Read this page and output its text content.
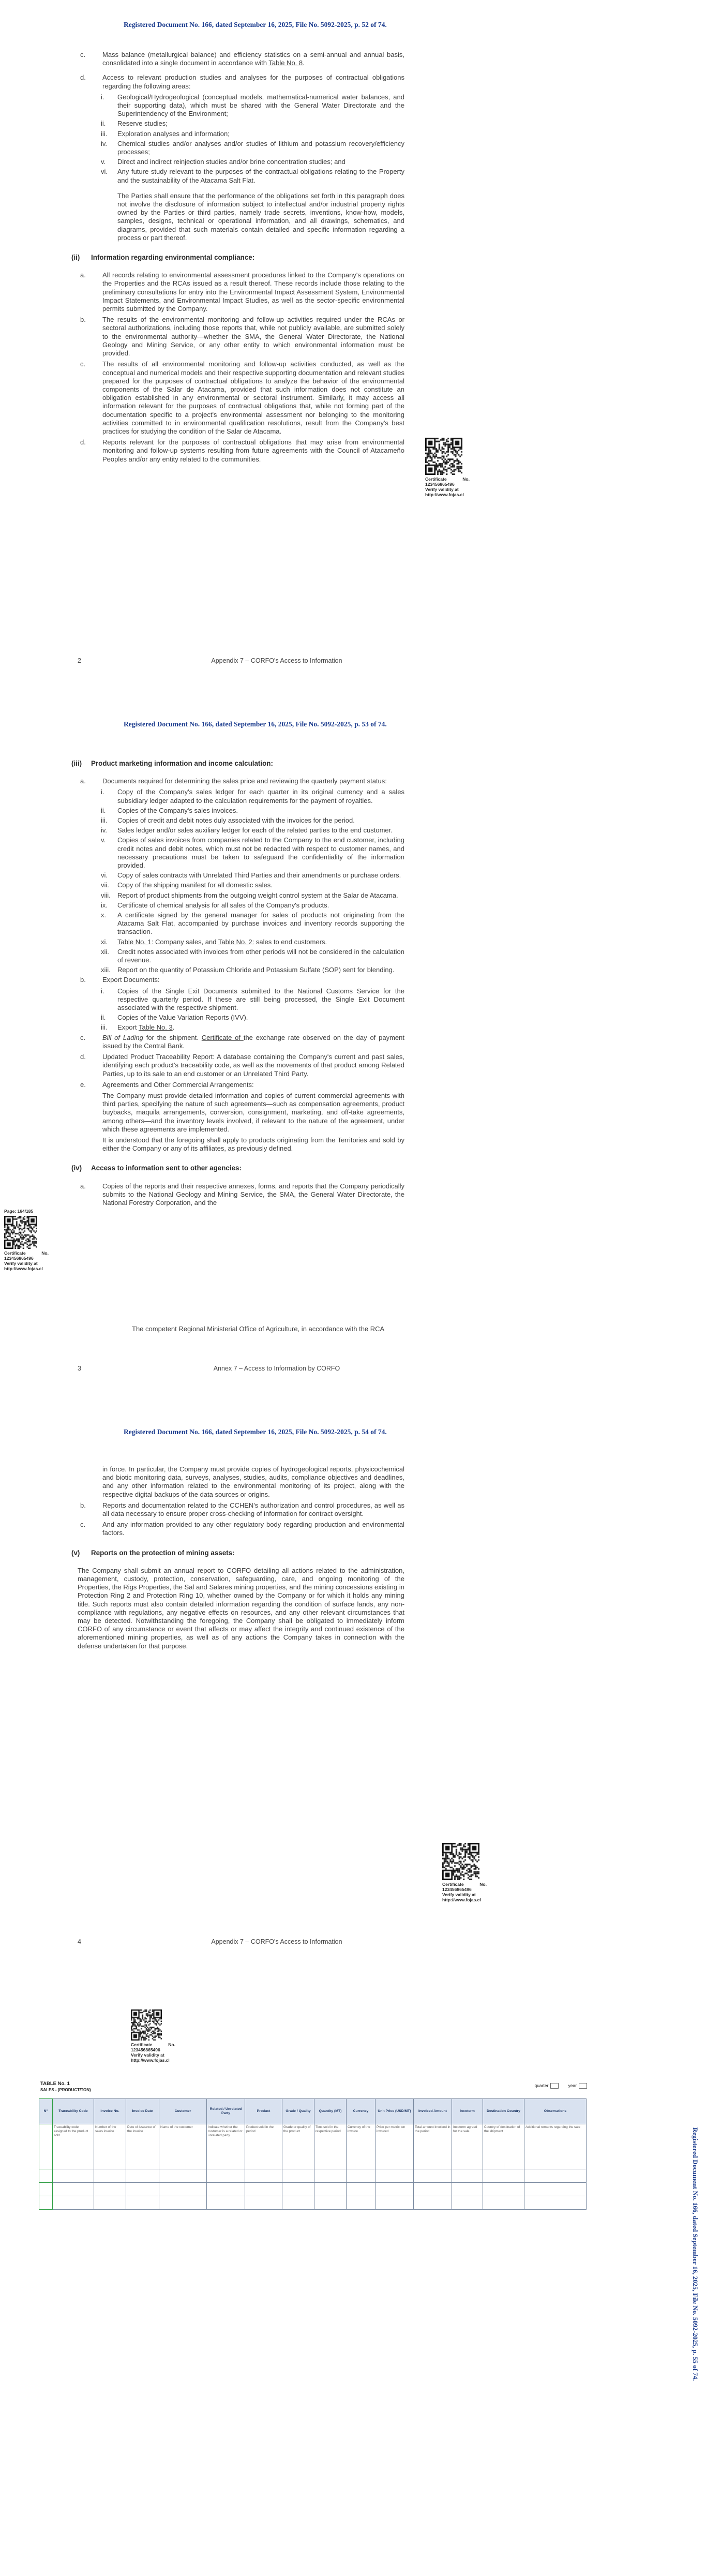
Registered Document No. 166, dated September 16, 2025, File No. 5092-2025, p. 52 of 74.
c.	Mass balance (metallurgical balance) and efficiency statistics on a semi-annual and annual basis, consolidated into a single document in accordance with Table No. 8.
d.	Access to relevant production studies and analyses for the purposes of contractual obligations regarding the following areas:
i.	Geological/Hydrogeological (conceptual models, mathematical-numerical water balances, and their supporting data), which must be shared with the General Water Directorate and the Superintendency of the Environment;
ii.	Reserve studies;
iii.	Exploration analyses and information;
iv.	Chemical studies and/or analyses and/or studies of lithium and potassium recovery/efficiency processes;
v.	Direct and indirect reinjection studies and/or brine concentration studies; and
vi.	Any future study relevant to the purposes of the contractual obligations relating to the Property and the sustainability of the Atacama Salt Flat.
The Parties shall ensure that the performance of the obligations set forth in this paragraph does not involve the disclosure of information subject to intellectual and/or industrial property rights owned by the Parties or third parties, namely trade secrets, inventions, know-how, models, samples, designs, technical or operational information, and all drawings, schematics, and diagrams, provided that such materials contain detailed and specific information regarding a process or part thereof.
(ii)	Information regarding environmental compliance:
a.	All records relating to environmental assessment procedures linked to the Company's operations on the Properties and the RCAs issued as a result thereof. These records include those relating to the preliminary consultations for entry into the Environmental Impact Assessment System, Environmental Impact Statements, and Environmental Impact Studies, as well as the sector-specific environmental permits submitted by the Company.
b.	The results of the environmental monitoring and follow-up activities required under the RCAs or sectoral authorizations, including those reports that, while not publicly available, are submitted solely to the environmental authority—whether the SMA, the General Water Directorate, the National Geology and Mining Service, or any other entity to which environmental information must be provided.
c.	The results of all environmental monitoring and follow-up activities conducted, as well as the conceptual and numerical models and their respective supporting documentation and relevant studies prepared for the purposes of contractual obligations to analyze the behavior of the environmental components of the Salar de Atacama, provided that such information does not constitute an obligation established in any environmental or sectoral instrument. Similarly, it may access all information relevant for the purposes of contractual obligations that, while not forming part of the documentation specific to a project's environmental assessment nor belonging to the monitoring activities committed to in environmental qualification resolutions, result from the Company's best practices for studying the condition of the Salar de Atacama.
d.	Reports relevant for the purposes of contractual obligations that may arise from environmental monitoring and follow-up systems resulting from future agreements with the Council of Atacameño Peoples and/or any entity related to the communities.
Certificate	No.
123456865496
Verify validity at
http://www.fojas.cl
2	Appendix 7 – CORFO's Access to Information
Registered Document No. 166, dated September 16, 2025, File No. 5092-2025, p. 53 of 74.
(iii)	Product marketing information and income calculation:
a.	Documents required for determining the sales price and reviewing the quarterly payment status:
i.	Copy of the Company's sales ledger for each quarter in its original currency and a sales subsidiary ledger adapted to the calculation requirements for the payment of royalties.
ii.	Copies of the Company's sales invoices.
iii.	Copies of credit and debit notes duly associated with the invoices for the period.
iv.	Sales ledger and/or sales auxiliary ledger for each of the related parties to the end customer.
v.	Copies of sales invoices from companies related to the Company to the end customer, including credit notes and debit notes, which must not be redacted with respect to customer names, and necessary precautions must be taken to safeguard the confidentiality of the information provided.
vi.	Copy of sales contracts with Unrelated Third Parties and their amendments or purchase orders.
vii.	Copy of the shipping manifest for all domestic sales.
viii.	Report of product shipments from the outgoing weight control system at the Salar de Atacama.
ix.	Certificate of chemical analysis for all sales of the Company's products.
x.	A certificate signed by the general manager for sales of products not originating from the Atacama Salt Flat, accompanied by purchase invoices and inventory records supporting the transaction.
xi.	Table No. 1: Company sales, and Table No. 2: sales to end customers.
xii.	Credit notes associated with invoices from other periods will not be considered in the calculation of revenue.
xiii.	Report on the quantity of Potassium Chloride and Potassium Sulfate (SOP) sent for blending.
b.	Export Documents:
i.	Copies of the Single Exit Documents submitted to the National Customs Service for the respective quarterly period. If these are still being processed, the Single Exit Document associated with the respective shipment.
ii.	Copies of the Value Variation Reports (IVV).
iii.	Export Table No. 3.
c.	Bill of Lading for the shipment. Certificate of the exchange rate observed on the day of payment issued by the Central Bank.
d.	Updated Product Traceability Report: A database containing the Company's current and past sales, identifying each product's traceability code, as well as the movements of that product among Related Parties, up to its sale to an end customer or an Unrelated Third Party.
e.	Agreements and Other Commercial Arrangements:
The Company must provide detailed information and copies of current commercial agreements with third parties, specifying the nature of such agreements—such as compensation agreements, product buybacks, maquila arrangements, conversion, consignment, marketing, and off-take agreements, among others—and the inventory levels involved, if relevant to the nature of the agreement, under which these agreements are implemented.
It is understood that the foregoing shall apply to products originating from the Territories and sold by either the Company or any of its affiliates, as previously defined.
(iv)	Access to information sent to other agencies:
a.	Copies of the reports and their respective annexes, forms, and reports that the Company periodically submits to the National Geology and Mining Service, the SMA, the General Water Directorate, the National Forestry Corporation, and the
Page: 164/185
Certificate	No.
123456865496
Verify validity at
http://www.fojas.cl
The competent Regional Ministerial Office of Agriculture, in accordance with the RCA
3	Annex 7 – Access to Information by CORFO
Registered Document No. 166, dated September 16, 2025, File No. 5092-2025, p. 54 of 74.
in force. In particular, the Company must provide copies of hydrogeological reports, physicochemical and biotic monitoring data, surveys, analyses, studies, audits, compliance objectives and deadlines, and any other information related to the environmental monitoring of its project, along with the respective digital backups of the data sources or origins.
b.	Reports and documentation related to the CCHEN's authorization and control procedures, as well as all data necessary to ensure proper cross-checking of information for contract oversight.
c.	And any information provided to any other regulatory body regarding production and environmental factors.
(v)	Reports on the protection of mining assets:
The Company shall submit an annual report to CORFO detailing all actions related to the administration, management, custody, protection, conservation, safeguarding, care, and ongoing monitoring of the Properties, the Rigs Properties, the Sal and Salares mining properties, and the mining concessions existing in Protection Ring 2 and Protection Ring 10, whether owned by the Company or for which it holds any mining title. Such reports must also contain detailed information regarding the condition of surface lands, any non-compliance with regulations, any negative effects on resources, and any other relevant circumstances that may be detected. Notwithstanding the foregoing, the Company shall be obligated to immediately inform CORFO of any circumstance or event that affects or may affect the integrity and continued existence of the aforementioned mining properties, as well as of any actions the Company takes in connection with the defense undertaken for that purpose.
Certificate	No.
123456865496
Verify validity at
http://www.fojas.cl
4	Appendix 7 – CORFO's Access to Information
Certificate	No.
123456865496
Verify validity at
http://www.fojas.cl
TABLE No. 1
SALES - (PRODUCT/TON)
quarter	year
N°	Traceability Code	Invoice No.	Invoice Date	Customer	Related / Unrelated Party	Product	Grade / Quality	Quantity (MT)	Currency	Unit Price (USD/MT)	Invoiced Amount	Incoterm	Destination Country	Observations
	Traceability code assigned to the product sold	Number of the sales invoice	Date of issuance of the invoice	Name of the customer	Indicate whether the customer is a related or unrelated party	Product sold in the period	Grade or quality of the product	Tons sold in the respective period	Currency of the invoice	Price per metric ton invoiced	Total amount invoiced in the period	Incoterm agreed for the sale	Country of destination of the shipment	Additional remarks regarding the sale

Registered Document No. 166, dated September 16, 2025, File No. 5092-2025, p. 55 of 74.
